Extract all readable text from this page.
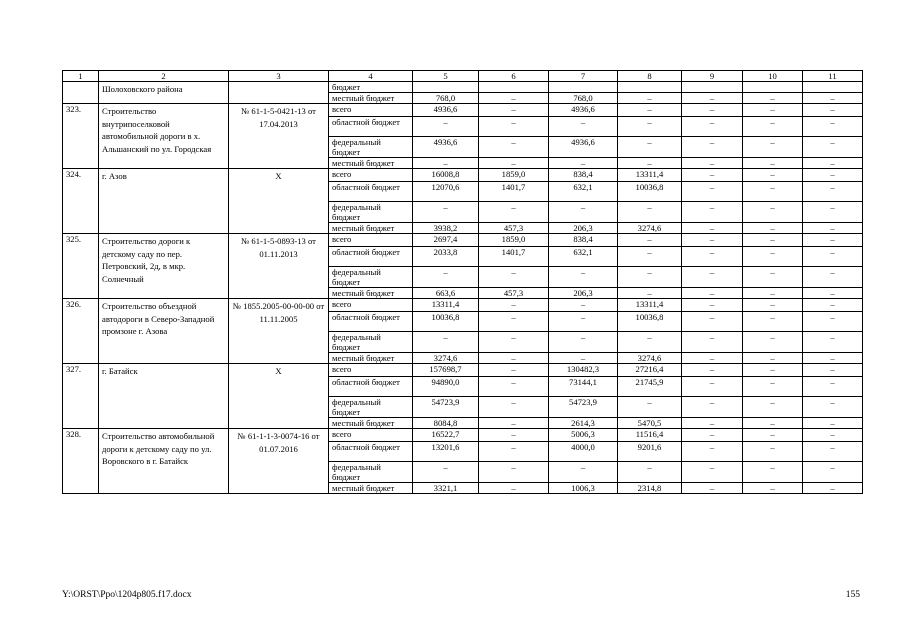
1	2	3	4	5	6	7	8	9	10	11
	Шолоховского района		бюджет							
			местный бюджет	768,0	–	768,0	–	–	–	–
323.	Строительство внутрипоселковой автомобильной дороги в х. Альшанский по ул. Городская	№ 61-1-5-0421-13 от 17.04.2013	всего	4936,6	–	4936,6	–	–	–	–
			областной бюджет	–	–	–	–	–	–	–
			федеральный бюджет	4936,6	–	4936,6	–	–	–	–
			местный бюджет	–	–	–	–	–	–	–
324.	г. Азов	Х	всего	16008,8	1859,0	838,4	13311,4	–	–	–
			областной бюджет	12070,6	1401,7	632,1	10036,8	–	–	–
			федеральный бюджет	–	–	–	–	–	–	–
			местный бюджет	3938,2	457,3	206,3	3274,6	–	–	–
325.	Строительство дороги к детскому саду по пер. Петровский, 2д, в мкр. Солнечный	№ 61-1-5-0893-13 от 01.11.2013	всего	2697,4	1859,0	838,4	–	–	–	–
			областной бюджет	2033,8	1401,7	632,1	–	–	–	–
			федеральный бюджет	–	–	–	–	–	–	–
			местный бюджет	663,6	457,3	206,3	–	–	–	–
326.	Строительство объездной автодороги в Северо-Западной промзоне г. Азова	№ 1855.2005-00-00-00 от 11.11.2005	всего	13311,4	–	–	13311,4	–	–	–
			областной бюджет	10036,8	–	–	10036,8	–	–	–
			федеральный бюджет	–	–	–	–	–	–	–
			местный бюджет	3274,6	–	–	3274,6	–	–	–
327.	г. Батайск	Х	всего	157698,7	–	130482,3	27216,4	–	–	–
			областной бюджет	94890,0	–	73144,1	21745,9	–	–	–
			федеральный бюджет	54723,9	–	54723,9	–	–	–	–
			местный бюджет	8084,8	–	2614,3	5470,5	–	–	–
328.	Строительство автомобильной дороги к детскому саду по ул. Воровского в г. Батайск	№ 61-1-1-3-0074-16 от 01.07.2016	всего	16522,7	–	5006,3	11516,4	–	–	–
			областной бюджет	13201,6	–	4000,0	9201,6	–	–	–
			федеральный бюджет	–	–	–	–	–	–	–
			местный бюджет	3321,1	–	1006,3	2314,8	–	–	–
Y:\ORST\Ppo\1204p805.f17.docx	155
